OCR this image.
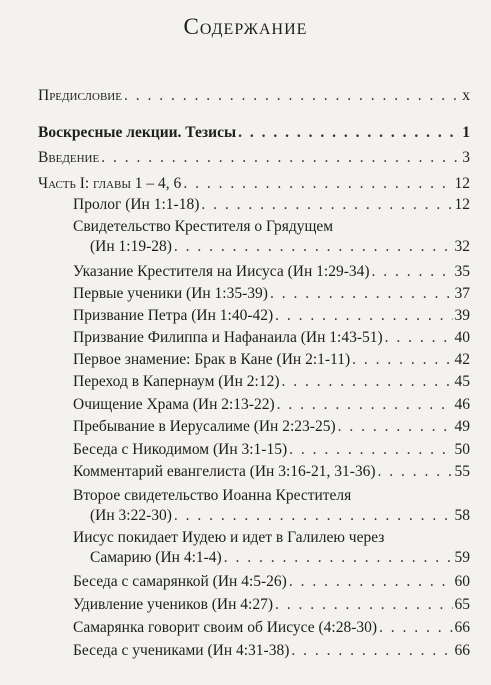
Содержание
Предисловие . . .	x
Воскресные лекции. Тезисы . . .	1
Введение . . .	3
Часть I: главы 1 – 4, 6 . . .	12
Пролог (Ин 1:1-18) . . .	12
Свидетельство Крестителя о Грядущем
(Ин 1:19-28) . . .	32
Указание Крестителя на Иисуса (Ин 1:29-34) . . .	35
Первые ученики (Ин 1:35-39) . . .	37
Призвание Петра (Ин 1:40-42) . . .	39
Призвание Филиппа и Нафанаила (Ин 1:43-51) . . .	40
Первое знамение: Брак в Кане (Ин 2:1-11) . . .	42
Переход в Капернаум (Ин 2:12) . . .	45
Очищение Храма (Ин 2:13-22) . . .	46
Пребывание в Иерусалиме (Ин 2:23-25) . . .	49
Беседа с Никодимом (Ин 3:1-15) . . .	50
Комментарий евангелиста (Ин 3:16-21, 31-36) . . .	55
Второе свидетельство Иоанна Крестителя
(Ин 3:22-30) . . .	58
Иисус покидает Иудею и идет в Галилею через
Самарию (Ин 4:1-4) . . .	59
Беседа с самарянкой (Ин 4:5-26) . . .	60
Удивление учеников (Ин 4:27) . . .	65
Самарянка говорит своим об Иисусе (4:28-30) . . .	66
Беседа с учениками (Ин 4:31-38) . . .	66
